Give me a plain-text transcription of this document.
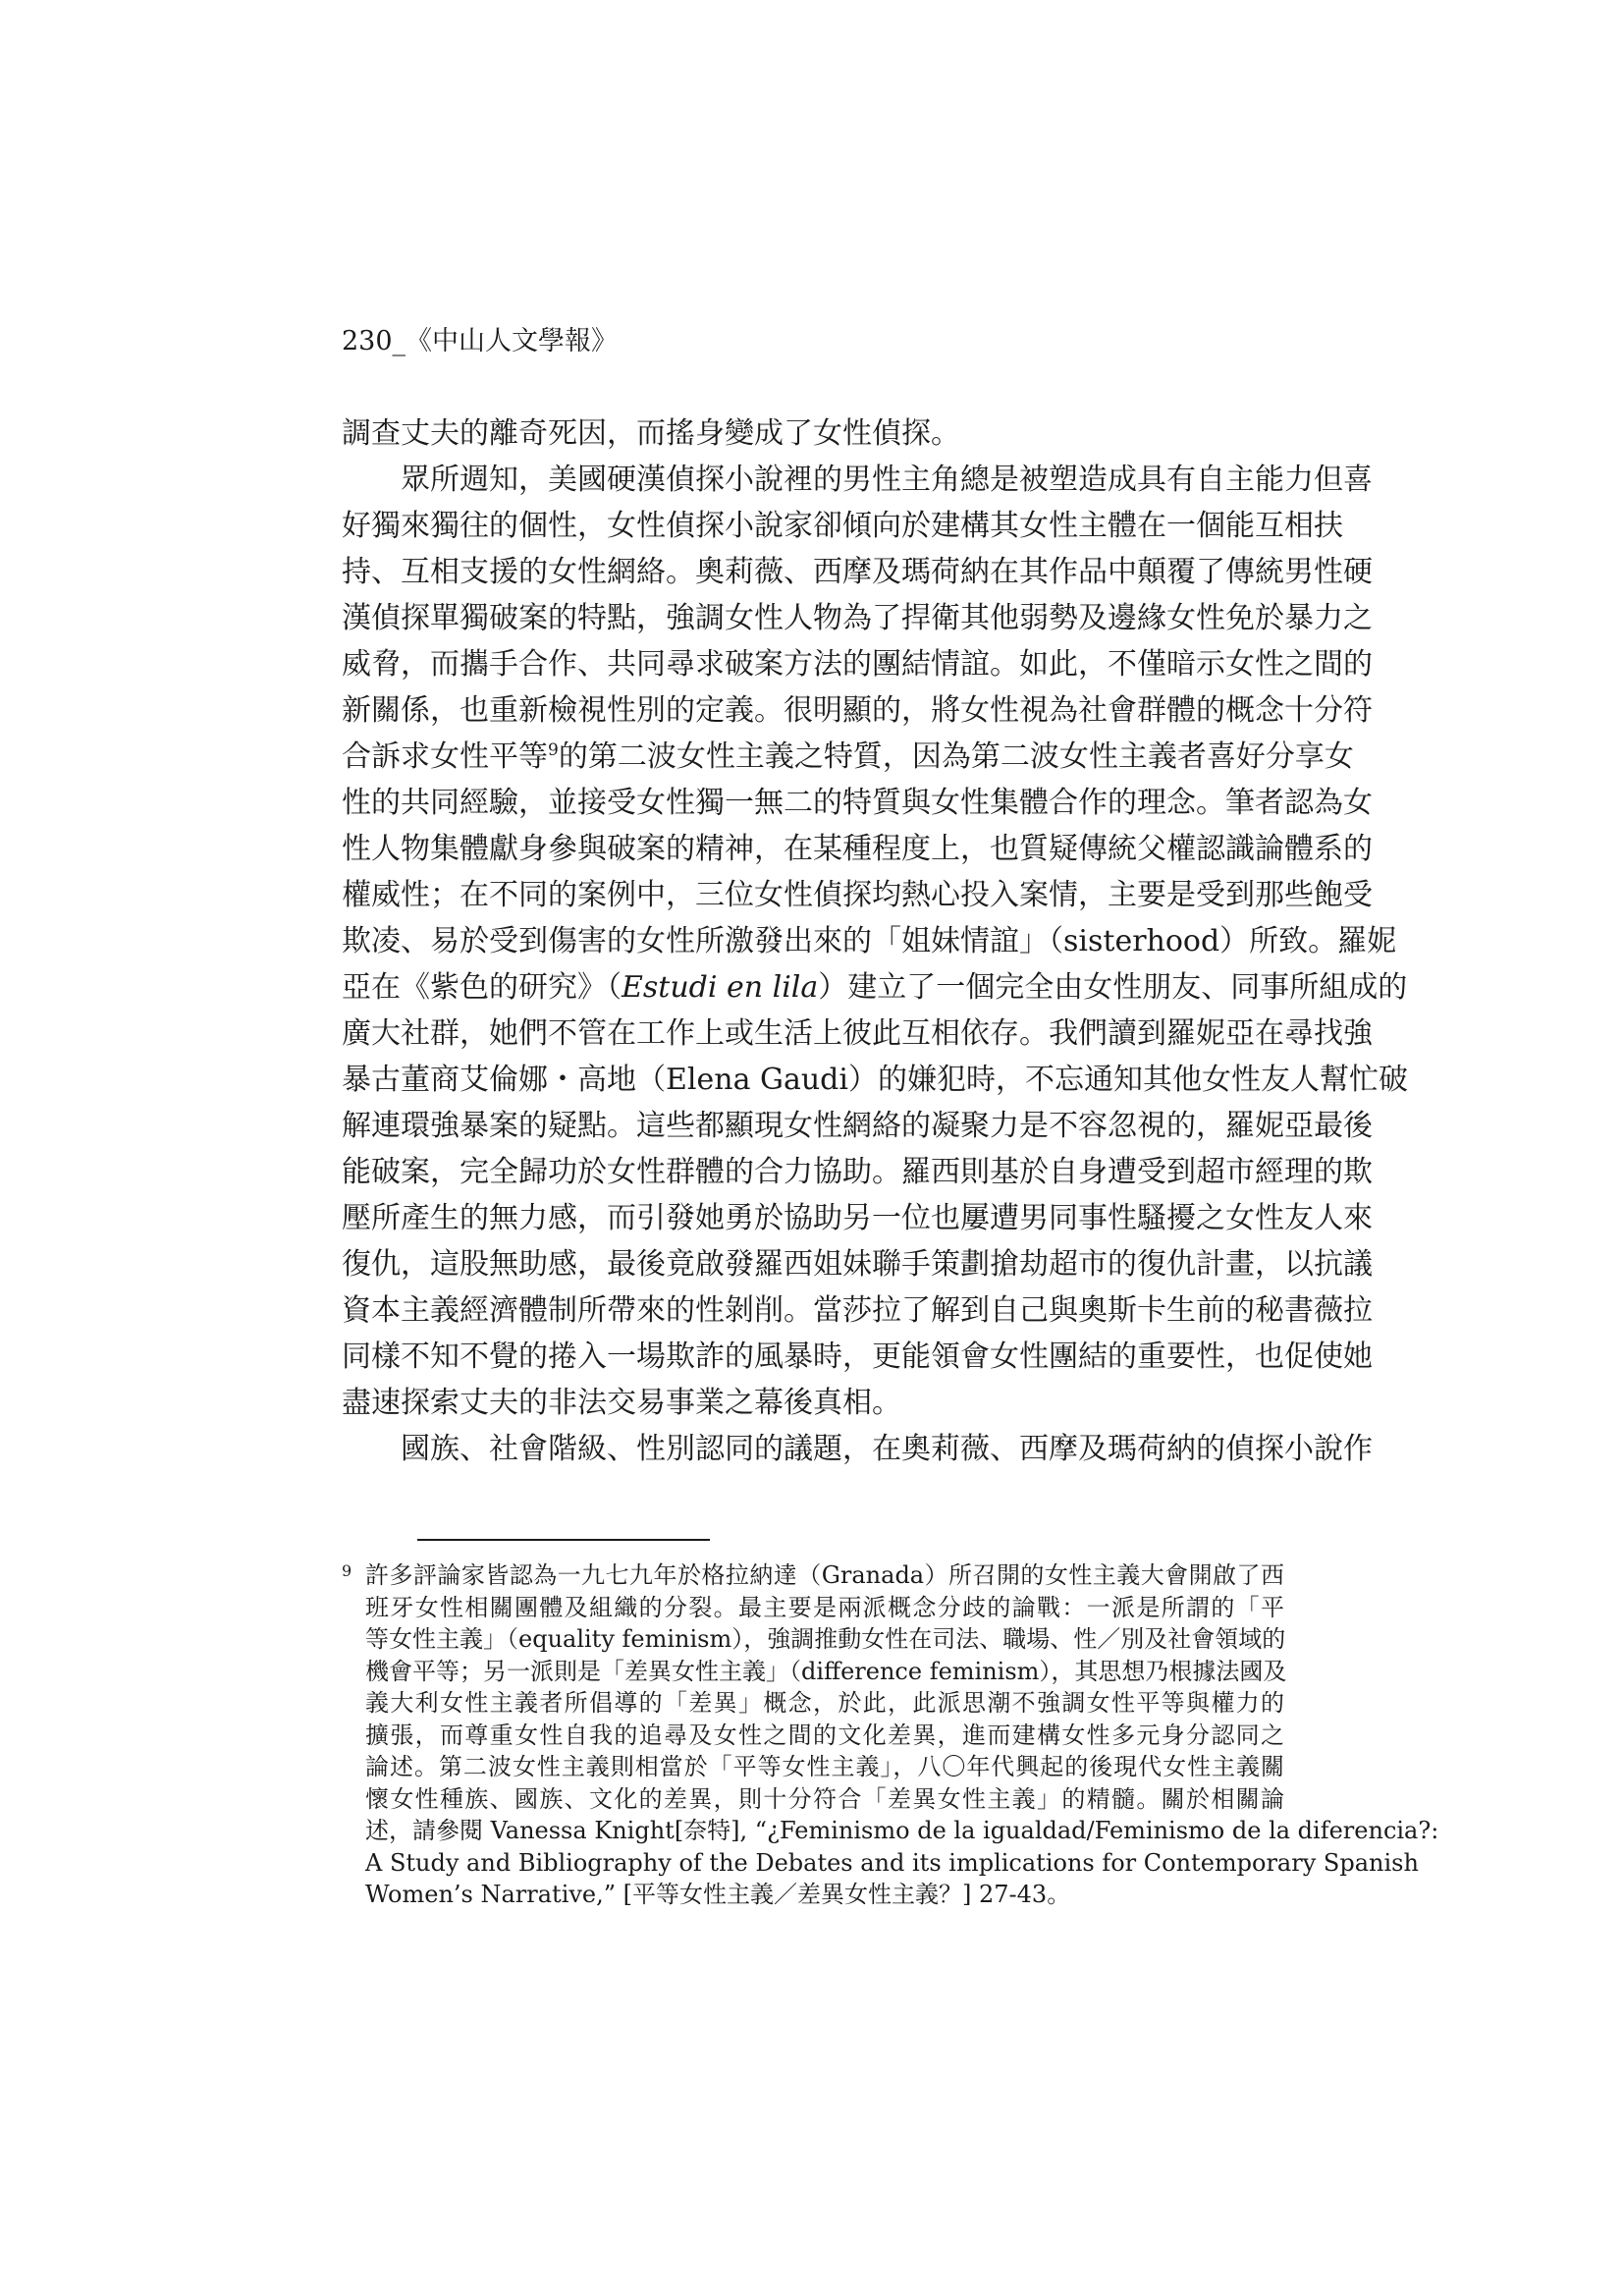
230_《中山人文學報》
調查丈夫的離奇死因，而搖身變成了女性偵探。
眾所週知，美國硬漢偵探小說裡的男性主角總是被塑造成具有自主能力但喜
好獨來獨往的個性，女性偵探小說家卻傾向於建構其女性主體在一個能互相扶
持、互相支援的女性網絡。奧莉薇、西摩及瑪荷納在其作品中顛覆了傳統男性硬
漢偵探單獨破案的特點，強調女性人物為了捍衛其他弱勢及邊緣女性免於暴力之
威脅，而攜手合作、共同尋求破案方法的團結情誼。如此，不僅暗示女性之間的
新關係，也重新檢視性別的定義。很明顯的，將女性視為社會群體的概念十分符
合訴求女性平等$^9$的第二波女性主義之特質，因為第二波女性主義者喜好分享女
性的共同經驗，並接受女性獨一無二的特質與女性集體合作的理念。筆者認為女
性人物集體獻身參與破案的精神，在某種程度上，也質疑傳統父權認識論體系的
權威性；在不同的案例中，三位女性偵探均熱心投入案情，主要是受到那些飽受
欺凌、易於受到傷害的女性所激發出來的「姐妹情誼」（sisterhood）所致。羅妮
亞在《紫色的研究》（Estudi en lila）建立了一個完全由女性朋友、同事所組成的
廣大社群，她們不管在工作上或生活上彼此互相依存。我們讀到羅妮亞在尋找強
暴古董商艾倫娜・高地（Elena Gaudi）的嫌犯時，不忘通知其他女性友人幫忙破
解連環強暴案的疑點。這些都顯現女性網絡的凝聚力是不容忽視的，羅妮亞最後
能破案，完全歸功於女性群體的合力協助。羅西則基於自身遭受到超市經理的欺
壓所產生的無力感，而引發她勇於協助另一位也屢遭男同事性騷擾之女性友人來
復仇，這股無助感，最後竟啟發羅西姐妹聯手策劃搶劫超市的復仇計畫，以抗議
資本主義經濟體制所帶來的性剝削。當莎拉了解到自己與奧斯卡生前的秘書薇拉
同樣不知不覺的捲入一場欺詐的風暴時，更能領會女性團結的重要性，也促使她
盡速探索丈夫的非法交易事業之幕後真相。
國族、社會階級、性別認同的議題，在奧莉薇、西摩及瑪荷納的偵探小說作
9 許多評論家皆認為一九七九年於格拉納達（Granada）所召開的女性主義大會開啟了西
班牙女性相關團體及組織的分裂。最主要是兩派概念分歧的論戰：一派是所謂的「平
等女性主義」（equality feminism），強調推動女性在司法、職場、性／別及社會領域的
機會平等；另一派則是「差異女性主義」（difference feminism），其思想乃根據法國及
義大利女性主義者所倡導的「差異」概念，於此，此派思潮不強調女性平等與權力的
擴張，而尊重女性自我的追尋及女性之間的文化差異，進而建構女性多元身分認同之
論述。第二波女性主義則相當於「平等女性主義」，八〇年代興起的後現代女性主義關
懷女性種族、國族、文化的差異，則十分符合「差異女性主義」的精髓。關於相關論
述，請參閱 Vanessa Knight[奈特], “¿Feminismo de la igualdad/Feminismo de la diferencia?:
A Study and Bibliography of the Debates and its implications for Contemporary Spanish
Women’s Narrative,” [平等女性主義／差異女性主義？] 27-43。
